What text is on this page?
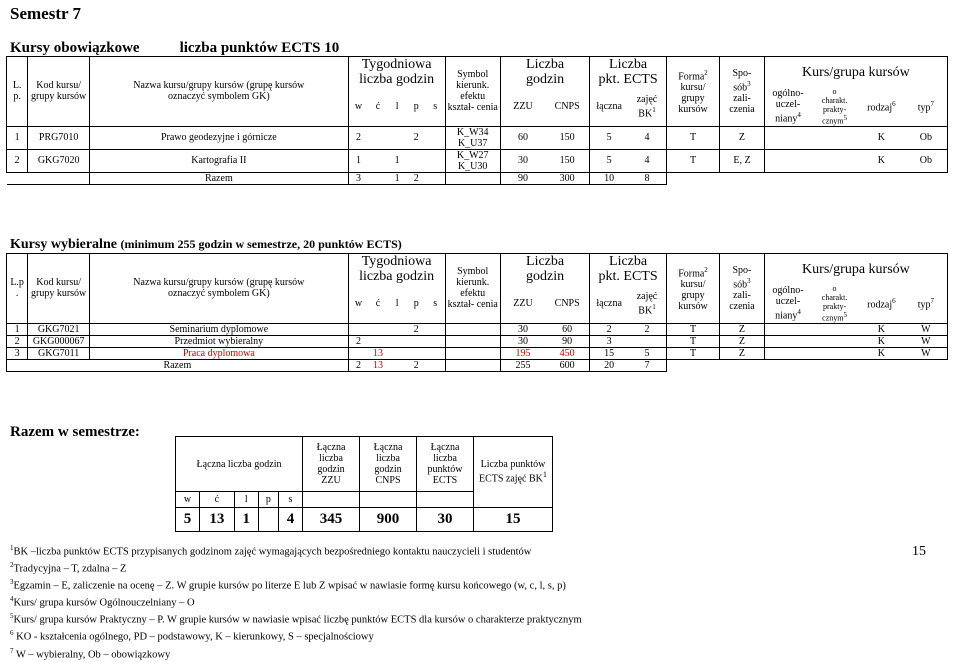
Semestr 7
Kursy obowiązkowe	liczba punktów ECTS 10
L. p.	Kod kursu/ grupy kursów	Nazwa kursu/grupy kursów (grupę kursów
oznaczyć symbolem GK)	Tygodniowa
liczba godzin					Symbol kierunk. efektu kształ- cenia	Liczba
godzin		Liczba
pkt. ECTS		Forma$^2$ kursu/ grupy kursów	Spo-
sób$^3$
zali- czenia	Kurs/grupa kursów			
			w	ć	l	p	s		ZZU	CNPS	łączna	zajęć $BK^1$			ogólno-
uczel-
niany$^4$	o
charakt.
prakty-
cznym$^5$	rodzaj$^6$	typ$^7$
1	PRG7010	Prawo geodezyjne i górnicze	2			2		K_W34
K_U37	60	150	5	4	T	Z			K	Ob
2	GKG7020	Kartografia II	1		1			K_W27
K_U30	30	150	5	4	T	E, Z			K	Ob
		Razem	3		1	2			90	300	10	8						
Kursy wybieralne (minimum 255 godzin w semestrze, 20 punktów ECTS)
L.p .	Kod kursu/ grupy kursów	Nazwa kursu/grupy kursów (grupę kursów
oznaczyć symbolem GK)	Tygodniowa
liczba godzin					Symbol kierunk. efektu kształ- cenia	Liczba
godzin		Liczba
pkt. ECTS		Forma$^2$ kursu/ grupy kursów	Spo-
sób$^3$
zali- czenia	Kurs/grupa kursów			
			w	ć	l	p	s		ZZU	CNPS	łączna	zajęć $BK^1$			ogólno-
uczel-
niany$^4$	o
charakt.
prakty-
cznym$^5$	rodzaj$^6$	typ$^7$
1	GKG7021	Seminarium dyplomowe				2			30	60	2	2	T	Z			K	W
2	GKG000067	Przedmiot wybieralny	2						30	90	3		T	Z			K	W
3	GKG7011	Praca dyplomowa		13					195	450	15	5	T	Z			K	W
Razem			2	13		2			255	600	20	7						
Razem w semestrze:
Łączna liczba godzin					Łączna liczba godzin ZZU	Łączna liczba godzin CNPS	Łączna liczba punktów ECTS	Liczba punktów ECTS zajęć $BK^1$
w	ć	l	p	s				
5	13	1		4	345	900	30	15
$^1$BK –liczba punktów ECTS przypisanych godzinom zajęć wymagających bezpośredniego kontaktu nauczycieli i studentów
$^2$Tradycyjna – T, zdalna – Z
$^3$Egzamin – E, zaliczenie na ocenę – Z. W grupie kursów po literze E lub Z wpisać w nawiasie formę kursu końcowego (w, c, l, s, p)
$^4$Kurs/ grupa kursów Ogólnouczelniany – O
$^5$Kurs/ grupa kursów Praktyczny – P. W grupie kursów w nawiasie wpisać liczbę punktów ECTS dla kursów o charakterze praktycznym
$^6$ KO - kształcenia ogólnego, PD – podstawowy, K – kierunkowy, S – specjalnościowy
$^7$ W – wybieralny, Ob – obowiązkowy
15
